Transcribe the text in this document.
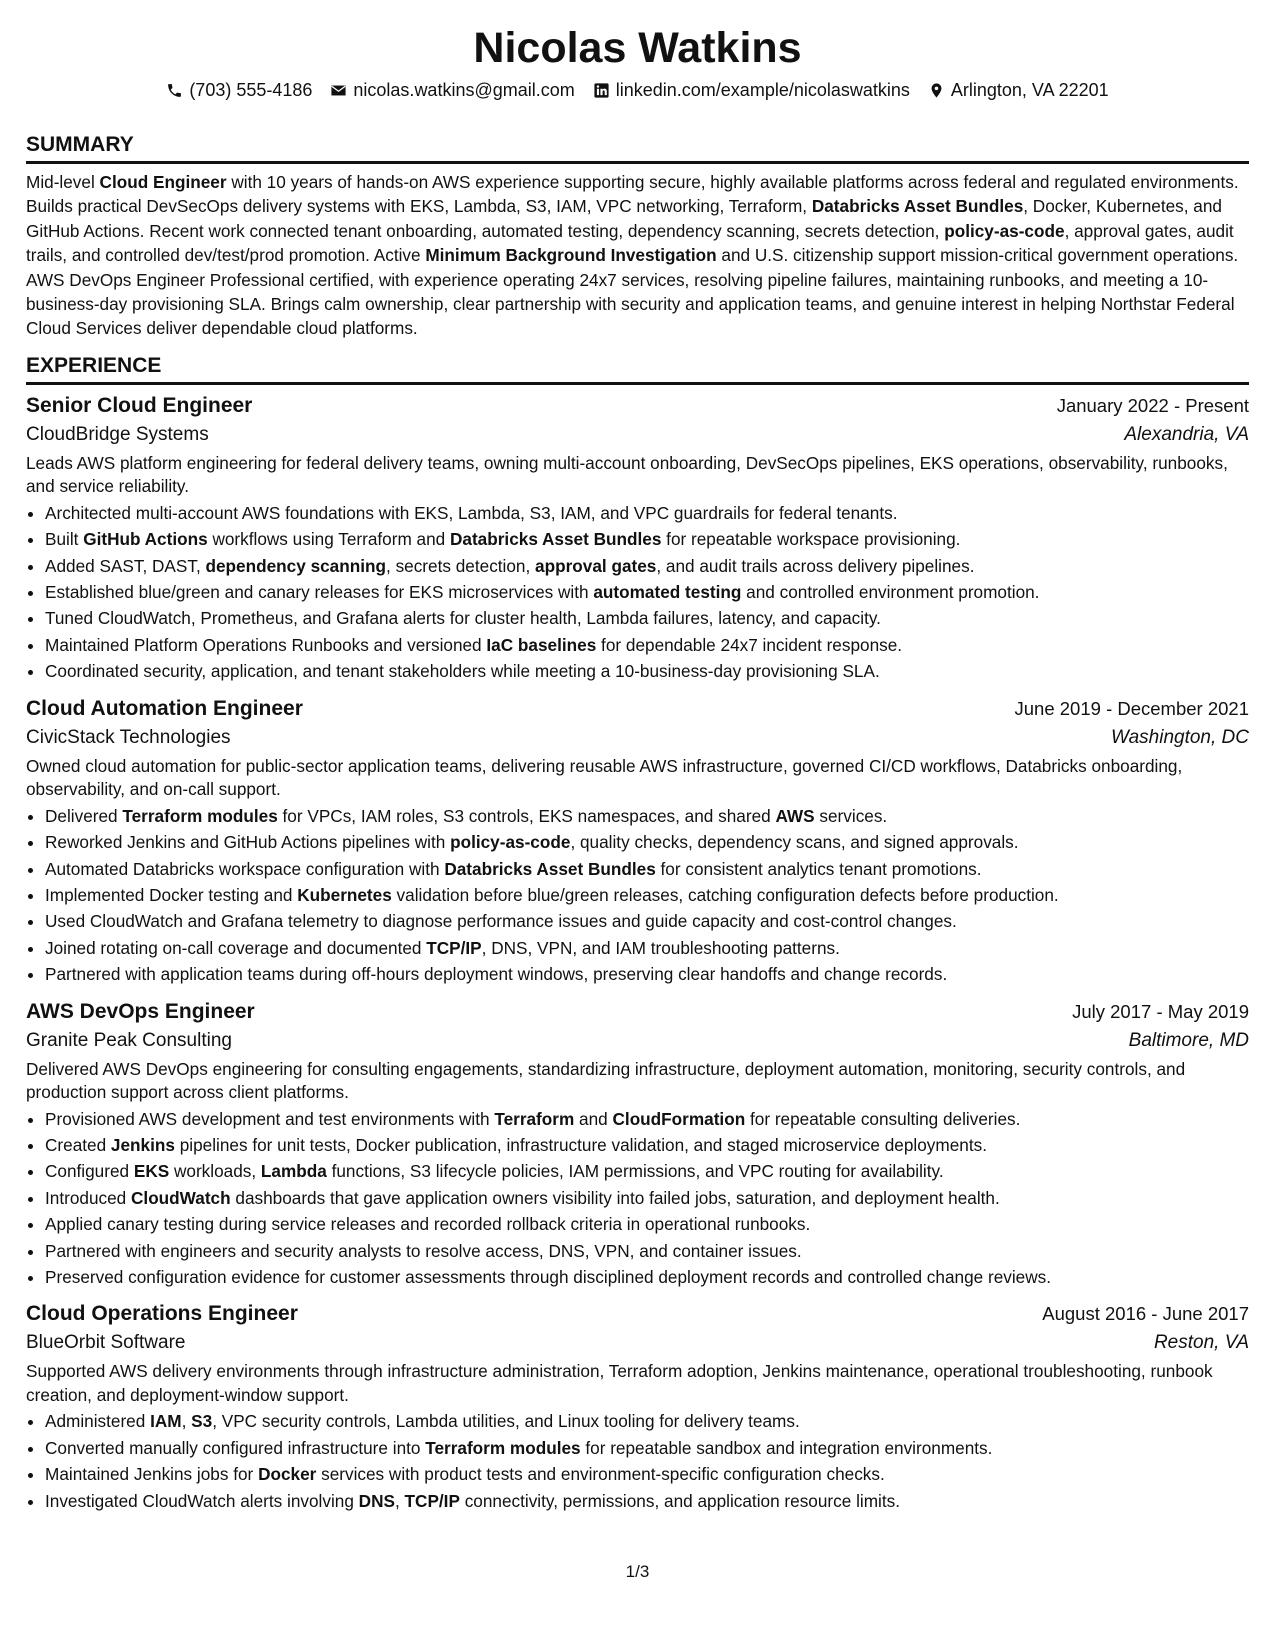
Nicolas Watkins
(703) 555-4186 nicolas.watkins@gmail.com linkedin.com/example/nicolaswatkins Arlington, VA 22201
SUMMARY
Mid-level Cloud Engineer with 10 years of hands-on AWS experience supporting secure, highly available platforms across federal and regulated environments. Builds practical DevSecOps delivery systems with EKS, Lambda, S3, IAM, VPC networking, Terraform, Databricks Asset Bundles, Docker, Kubernetes, and GitHub Actions. Recent work connected tenant onboarding, automated testing, dependency scanning, secrets detection, policy-as-code, approval gates, audit trails, and controlled dev/test/prod promotion. Active Minimum Background Investigation and U.S. citizenship support mission-critical government operations. AWS DevOps Engineer Professional certified, with experience operating 24x7 services, resolving pipeline failures, maintaining runbooks, and meeting a 10-business-day provisioning SLA. Brings calm ownership, clear partnership with security and application teams, and genuine interest in helping Northstar Federal Cloud Services deliver dependable cloud platforms.
EXPERIENCE
Senior Cloud Engineer	January 2022 - Present
CloudBridge Systems	Alexandria, VA
Leads AWS platform engineering for federal delivery teams, owning multi-account onboarding, DevSecOps pipelines, EKS operations, observability, runbooks, and service reliability.
• Architected multi-account AWS foundations with EKS, Lambda, S3, IAM, and VPC guardrails for federal tenants.
• Built GitHub Actions workflows using Terraform and Databricks Asset Bundles for repeatable workspace provisioning.
• Added SAST, DAST, dependency scanning, secrets detection, approval gates, and audit trails across delivery pipelines.
• Established blue/green and canary releases for EKS microservices with automated testing and controlled environment promotion.
• Tuned CloudWatch, Prometheus, and Grafana alerts for cluster health, Lambda failures, latency, and capacity.
• Maintained Platform Operations Runbooks and versioned IaC baselines for dependable 24x7 incident response.
• Coordinated security, application, and tenant stakeholders while meeting a 10-business-day provisioning SLA.
Cloud Automation Engineer	June 2019 - December 2021
CivicStack Technologies	Washington, DC
Owned cloud automation for public-sector application teams, delivering reusable AWS infrastructure, governed CI/CD workflows, Databricks onboarding, observability, and on-call support.
• Delivered Terraform modules for VPCs, IAM roles, S3 controls, EKS namespaces, and shared AWS services.
• Reworked Jenkins and GitHub Actions pipelines with policy-as-code, quality checks, dependency scans, and signed approvals.
• Automated Databricks workspace configuration with Databricks Asset Bundles for consistent analytics tenant promotions.
• Implemented Docker testing and Kubernetes validation before blue/green releases, catching configuration defects before production.
• Used CloudWatch and Grafana telemetry to diagnose performance issues and guide capacity and cost-control changes.
• Joined rotating on-call coverage and documented TCP/IP, DNS, VPN, and IAM troubleshooting patterns.
• Partnered with application teams during off-hours deployment windows, preserving clear handoffs and change records.
AWS DevOps Engineer	July 2017 - May 2019
Granite Peak Consulting	Baltimore, MD
Delivered AWS DevOps engineering for consulting engagements, standardizing infrastructure, deployment automation, monitoring, security controls, and production support across client platforms.
• Provisioned AWS development and test environments with Terraform and CloudFormation for repeatable consulting deliveries.
• Created Jenkins pipelines for unit tests, Docker publication, infrastructure validation, and staged microservice deployments.
• Configured EKS workloads, Lambda functions, S3 lifecycle policies, IAM permissions, and VPC routing for availability.
• Introduced CloudWatch dashboards that gave application owners visibility into failed jobs, saturation, and deployment health.
• Applied canary testing during service releases and recorded rollback criteria in operational runbooks.
• Partnered with engineers and security analysts to resolve access, DNS, VPN, and container issues.
• Preserved configuration evidence for customer assessments through disciplined deployment records and controlled change reviews.
Cloud Operations Engineer	August 2016 - June 2017
BlueOrbit Software	Reston, VA
Supported AWS delivery environments through infrastructure administration, Terraform adoption, Jenkins maintenance, operational troubleshooting, runbook creation, and deployment-window support.
• Administered IAM, S3, VPC security controls, Lambda utilities, and Linux tooling for delivery teams.
• Converted manually configured infrastructure into Terraform modules for repeatable sandbox and integration environments.
• Maintained Jenkins jobs for Docker services with product tests and environment-specific configuration checks.
• Investigated CloudWatch alerts involving DNS, TCP/IP connectivity, permissions, and application resource limits.
1/3
